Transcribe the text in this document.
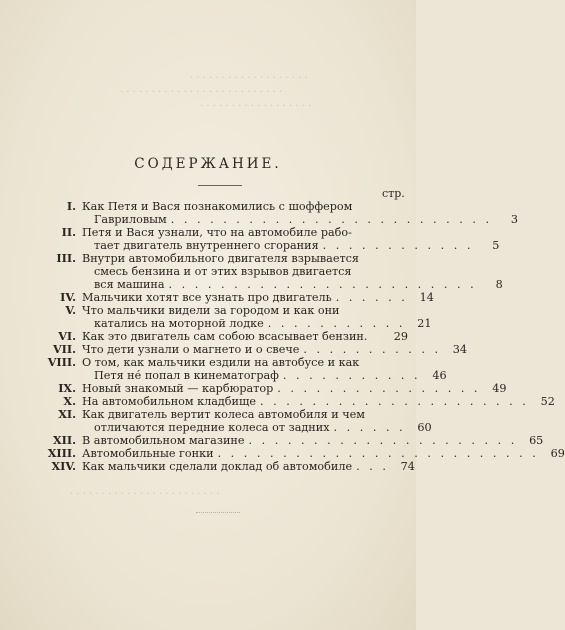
. . . . . . . . . . . . . . . . . . .
. . . . . . . . . . . . . . . . . . . . . . . . . .
. . . . . . . . . . . . . . . . . .
СОДЕРЖАНИЕ.
стр.
I. Как Петя и Вася познакомились с шоффером
Гавриловым . . . . . . . . . . . . . . . . . . . . . . . . .	3
II. Петя и Вася узнали, что на автомобиле рабо-
тает двигатель внутреннего сгорания . . . . . . . . . . . .	5
III. Внутри автомобильного двигателя взрывается
смесь бензина и от этих взрывов двигается
вся машина . . . . . . . . . . . . . . . . . . . . . . . .	8
IV. Мальчики хотят все узнать про двигатель . . . . . .	14
V. Что мальчики видели за городом и как они
катались на моторной лодке . . . . . . . . . . .	21
VI. Как это двигатель сам собою всасывает бензин.	29
VII. Что дети узнали о магнето и о свече . . . . . . . . . . .	34
VIII. О том, как мальчики ездили на автобусе и как
Петя не́ попал в кинематограф . . . . . . . . . . .	46
IX. Новый знакомый — карбюратор . . . . . . . . . . . . . . . .	49
X. На автомобильном кладбище . . . . . . . . . . . . . . . . . . . . .	52
XI. Как двигатель вертит колеса автомобиля и чем
отличаются передние колеса от задних . . . . . .	60
XII. В автомобильном магазине . . . . . . . . . . . . . . . . . . . . .	65
XIII. Автомобильные гонки . . . . . . . . . . . . . . . . . . . . . . . . .	69
XIV. Как мальчики сделали доклад об автомобиле . . .	74
. . . . . . . . . . . . . . . . . . . . . . . .
